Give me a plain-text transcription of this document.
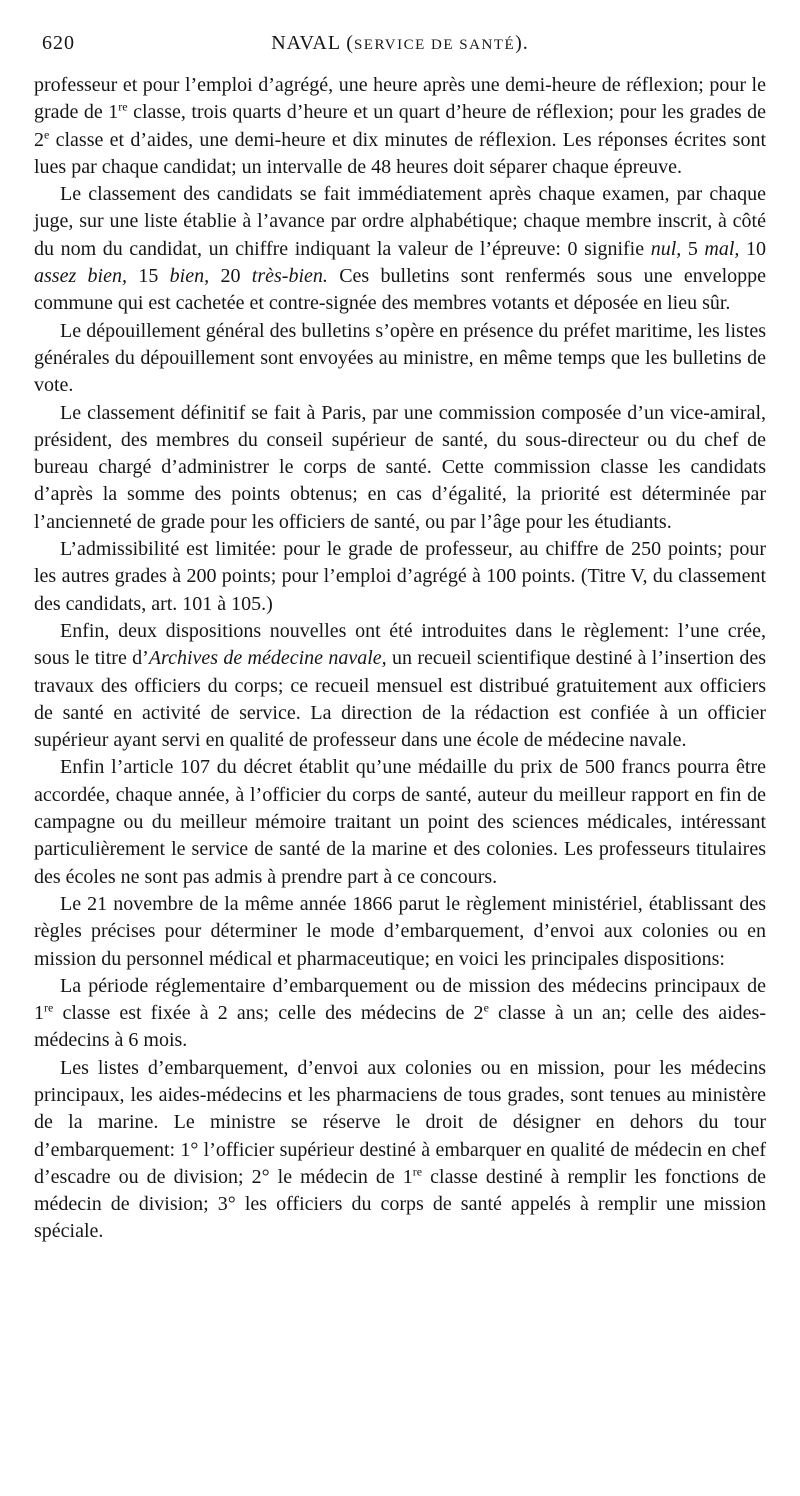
620	NAVAL (SERVICE DE SANTÉ).

professeur et pour l’emploi d’agrégé, une heure après une demi-heure de réflexion; pour le grade de 1re classe, trois quarts d’heure et un quart d’heure de réflexion; pour les grades de 2e classe et d’aides, une demi-heure et dix minutes de réflexion. Les réponses écrites sont lues par chaque candidat; un intervalle de 48 heures doit séparer chaque épreuve.

Le classement des candidats se fait immédiatement après chaque examen, par chaque juge, sur une liste établie à l’avance par ordre alphabétique; chaque membre inscrit, à côté du nom du candidat, un chiffre indiquant la valeur de l’épreuve: 0 signifie nul, 5 mal, 10 assez bien, 15 bien, 20 très-bien. Ces bulletins sont renfermés sous une enveloppe commune qui est cachetée et contre-signée des membres votants et déposée en lieu sûr.

Le dépouillement général des bulletins s’opère en présence du préfet maritime, les listes générales du dépouillement sont envoyées au ministre, en même temps que les bulletins de vote.

Le classement définitif se fait à Paris, par une commission composée d’un vice-amiral, président, des membres du conseil supérieur de santé, du sous-directeur ou du chef de bureau chargé d’administrer le corps de santé. Cette commission classe les candidats d’après la somme des points obtenus; en cas d’égalité, la priorité est déterminée par l’ancienneté de grade pour les officiers de santé, ou par l’âge pour les étudiants.

L’admissibilité est limitée: pour le grade de professeur, au chiffre de 250 points; pour les autres grades à 200 points; pour l’emploi d’agrégé à 100 points. (Titre V, du classement des candidats, art. 101 à 105.)

Enfin, deux dispositions nouvelles ont été introduites dans le règlement: l’une crée, sous le titre d’Archives de médecine navale, un recueil scientifique destiné à l’insertion des travaux des officiers du corps; ce recueil mensuel est distribué gratuitement aux officiers de santé en activité de service. La direction de la rédaction est confiée à un officier supérieur ayant servi en qualité de professeur dans une école de médecine navale.

Enfin l’article 107 du décret établit qu’une médaille du prix de 500 francs pourra être accordée, chaque année, à l’officier du corps de santé, auteur du meilleur rapport en fin de campagne ou du meilleur mémoire traitant un point des sciences médicales, intéressant particulièrement le service de santé de la marine et des colonies. Les professeurs titulaires des écoles ne sont pas admis à prendre part à ce concours.

Le 21 novembre de la même année 1866 parut le règlement ministériel, établissant des règles précises pour déterminer le mode d’embarquement, d’envoi aux colonies ou en mission du personnel médical et pharmaceutique; en voici les principales dispositions:

La période réglementaire d’embarquement ou de mission des médecins principaux de 1re classe est fixée à 2 ans; celle des médecins de 2e classe à un an; celle des aides-médecins à 6 mois.

Les listes d’embarquement, d’envoi aux colonies ou en mission, pour les médecins principaux, les aides-médecins et les pharmaciens de tous grades, sont tenues au ministère de la marine. Le ministre se réserve le droit de désigner en dehors du tour d’embarquement: 1° l’officier supérieur destiné à embarquer en qualité de médecin en chef d’escadre ou de division; 2° le médecin de 1re classe destiné à remplir les fonctions de médecin de division; 3° les officiers du corps de santé appelés à remplir une mission spéciale.
